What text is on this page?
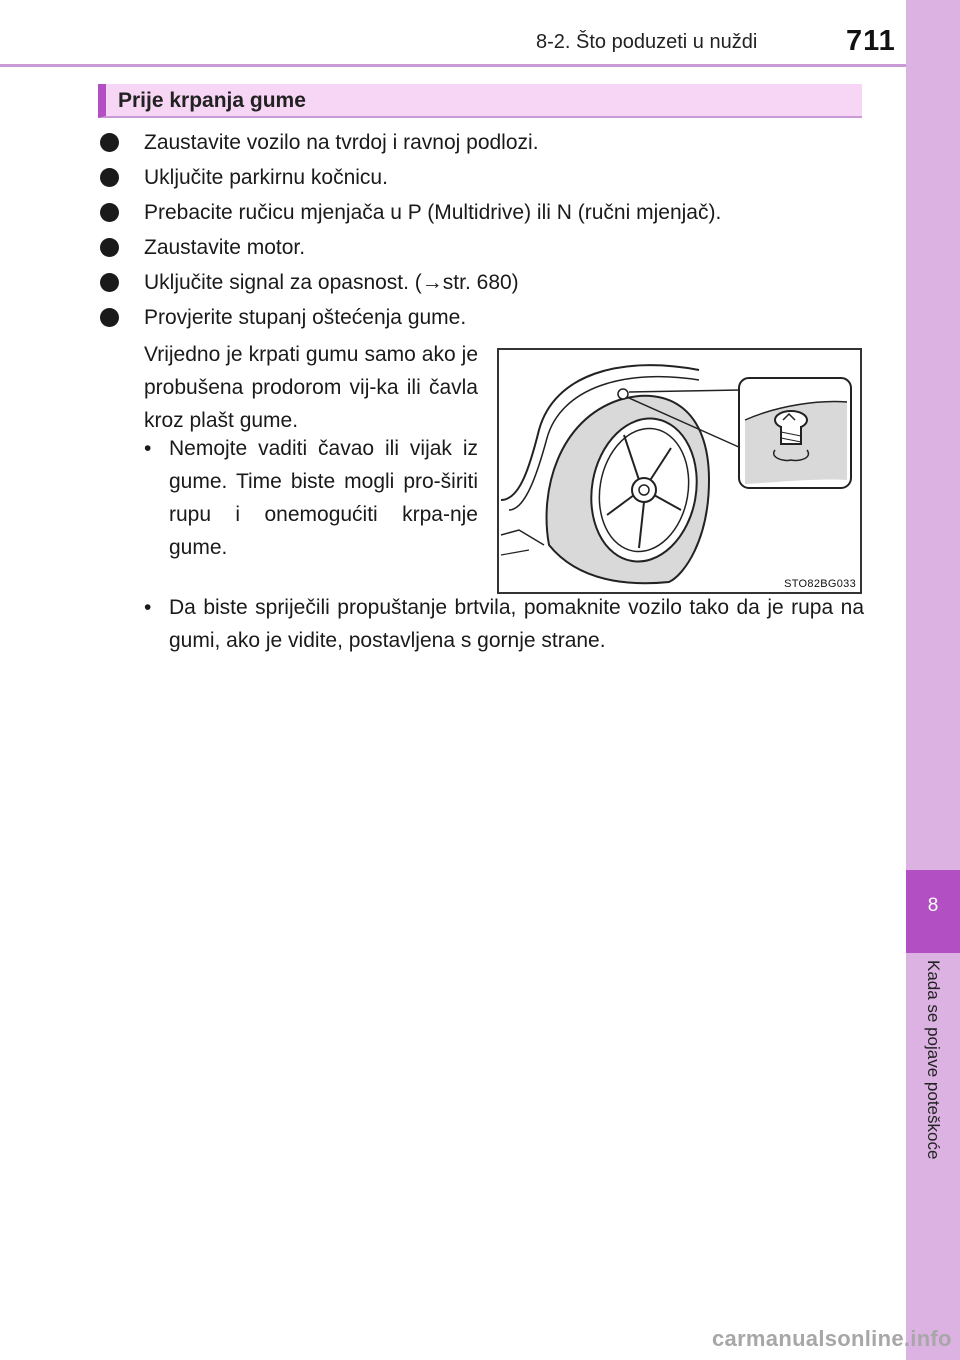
8-2. Što poduzeti u nuždi	711
8
Kada se pojave poteškoće
Prije krpanja gume
Zaustavite vozilo na tvrdoj i ravnoj podlozi.
Uključite parkirnu kočnicu.
Prebacite ručicu mjenjača u P (Multidrive) ili N (ručni mjenjač).
Zaustavite motor.
Uključite signal za opasnost. (→str. 680)
Provjerite stupanj oštećenja gume.
Vrijedno je krpati gumu samo ako je probušena prodorom vij-ka ili čavla kroz plašt gume.
• Nemojte vaditi čavao ili vijak iz gume. Time biste mogli pro-širiti rupu i onemogućiti krpa-nje gume.
• Da biste spriječili propuštanje brtvila, pomaknite vozilo tako da je rupa na gumi, ako je vidite, postavljena s gornje strane.
STO82BG033
carmanualsonline.info
